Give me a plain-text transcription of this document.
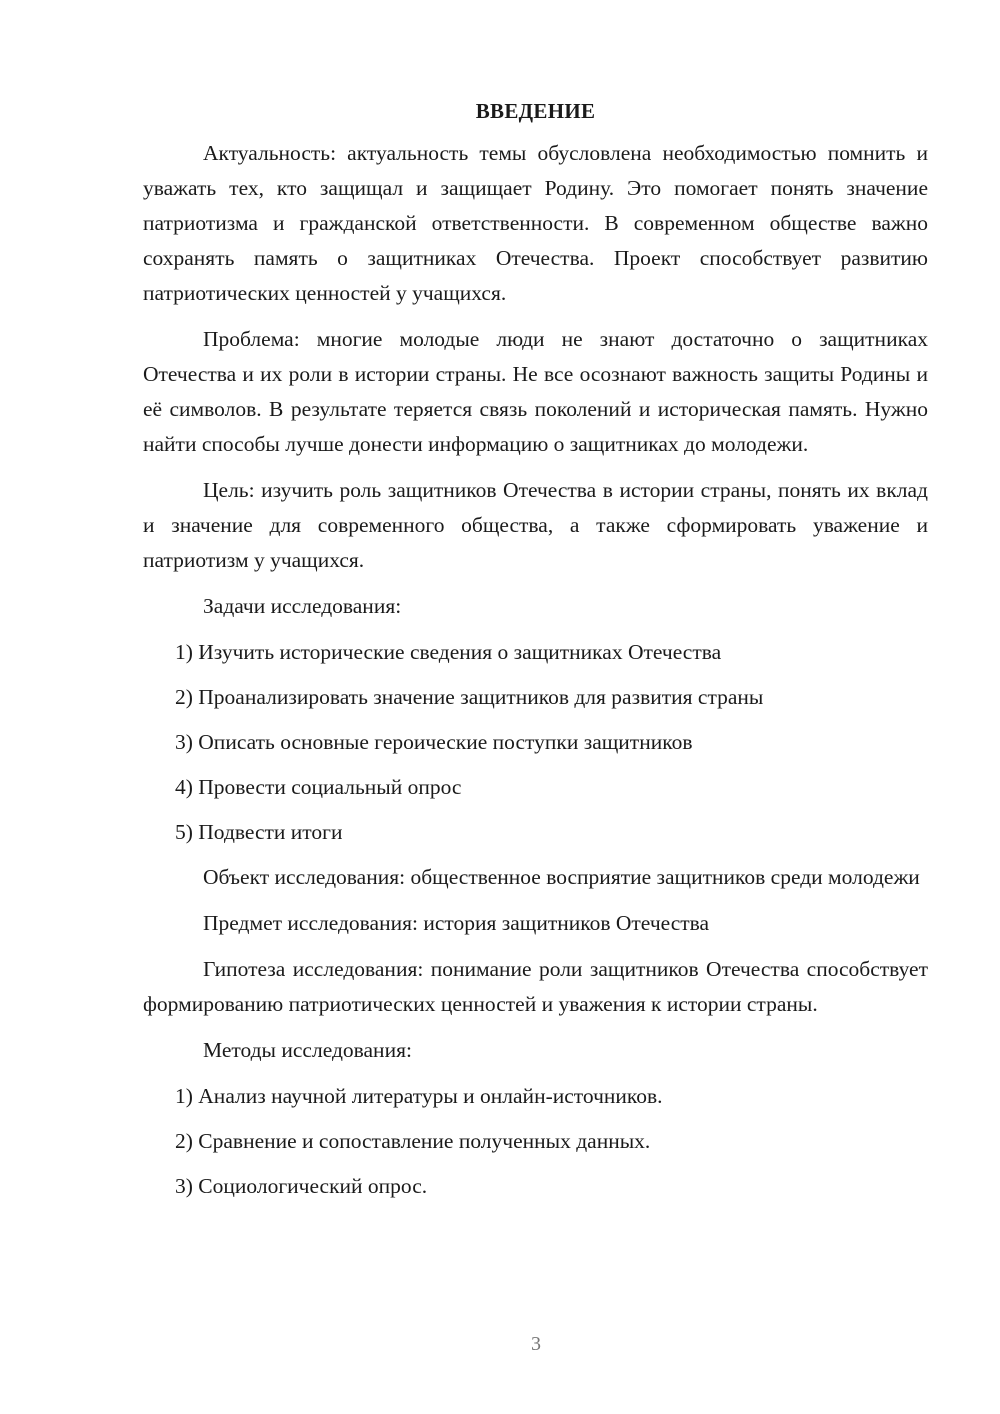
ВВЕДЕНИЕ
Актуальность: актуальность темы обусловлена необходимостью помнить и уважать тех, кто защищал и защищает Родину. Это помогает понять значение патриотизма и гражданской ответственности. В современном обществе важно сохранять память о защитниках Отечества. Проект способствует развитию патриотических ценностей у учащихся.
Проблема: многие молодые люди не знают достаточно о защитниках Отечества и их роли в истории страны. Не все осознают важность защиты Родины и её символов. В результате теряется связь поколений и историческая память. Нужно найти способы лучше донести информацию о защитниках до молодежи.
Цель: изучить роль защитников Отечества в истории страны, понять их вклад и значение для современного общества, а также сформировать уважение и патриотизм у учащихся.
Задачи исследования:
1) Изучить исторические сведения о защитниках Отечества
2) Проанализировать значение защитников для развития страны
3) Описать основные героические поступки защитников
4) Провести социальный опрос
5) Подвести итоги
Объект исследования: общественное восприятие защитников среди молодежи
Предмет исследования: история защитников Отечества
Гипотеза исследования: понимание роли защитников Отечества способствует формированию патриотических ценностей и уважения к истории страны.
Методы исследования:
1) Анализ научной литературы и онлайн-источников.
2) Сравнение и сопоставление полученных данных.
3) Социологический опрос.
3
